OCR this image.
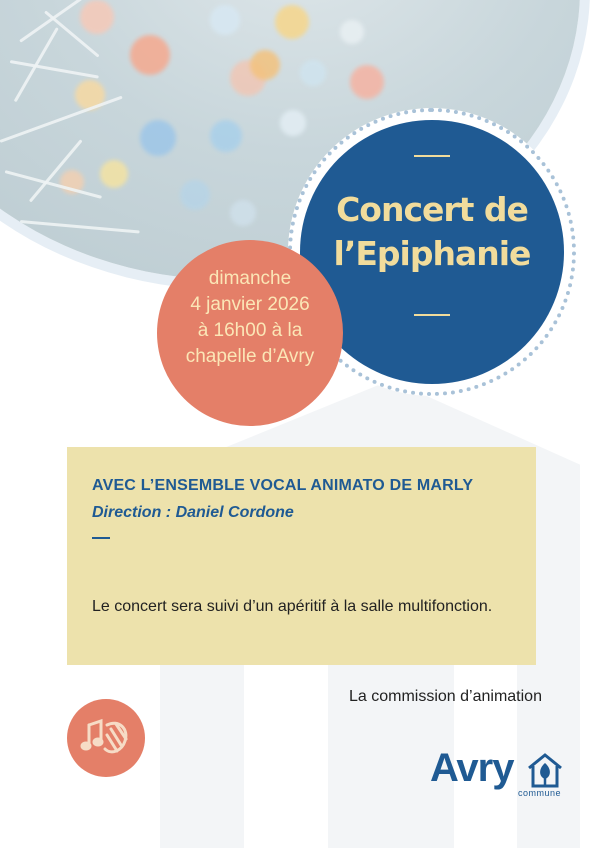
Concert de
l’Epiphanie
dimanche
4 janvier 2026
à 16h00 à la
chapelle d’Avry
AVEC L’ENSEMBLE VOCAL ANIMATO DE MARLY
Direction : Daniel Cordone
Le concert sera suivi d’un apéritif à la salle multifonction.
La commission d’animation
Avry
commune
